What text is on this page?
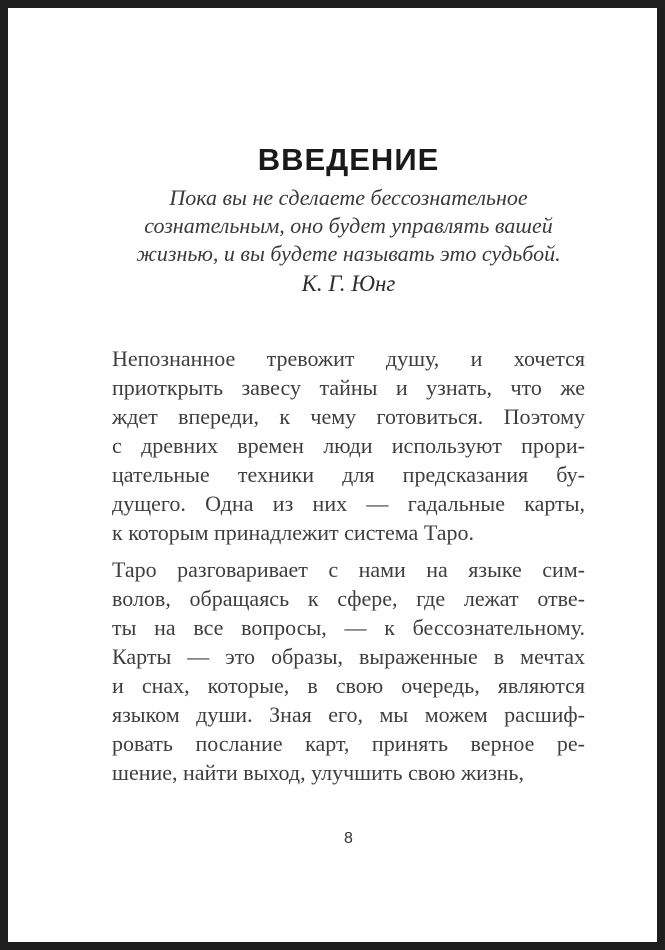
ВВЕДЕНИЕ
Пока вы не сделаете бессознательное
сознательным, оно будет управлять вашей
жизнью, и вы будете называть это судьбой.
К. Г. Юнг
Непознанное тревожит душу, и хочется
приоткрыть завесу тайны и узнать, что же
ждет впереди, к чему готовиться. Поэтому
с древних времен люди используют прори-
цательные техники для предсказания бу-
дущего. Одна из них — гадальные карты,
к которым принадлежит система Таро.
Таро разговаривает с нами на языке сим-
волов, обращаясь к сфере, где лежат отве-
ты на все вопросы, — к бессознательному.
Карты — это образы, выраженные в мечтах
и снах, которые, в свою очередь, являются
языком души. Зная его, мы можем расшиф-
ровать послание карт, принять верное ре-
шение, найти выход, улучшить свою жизнь,
8
